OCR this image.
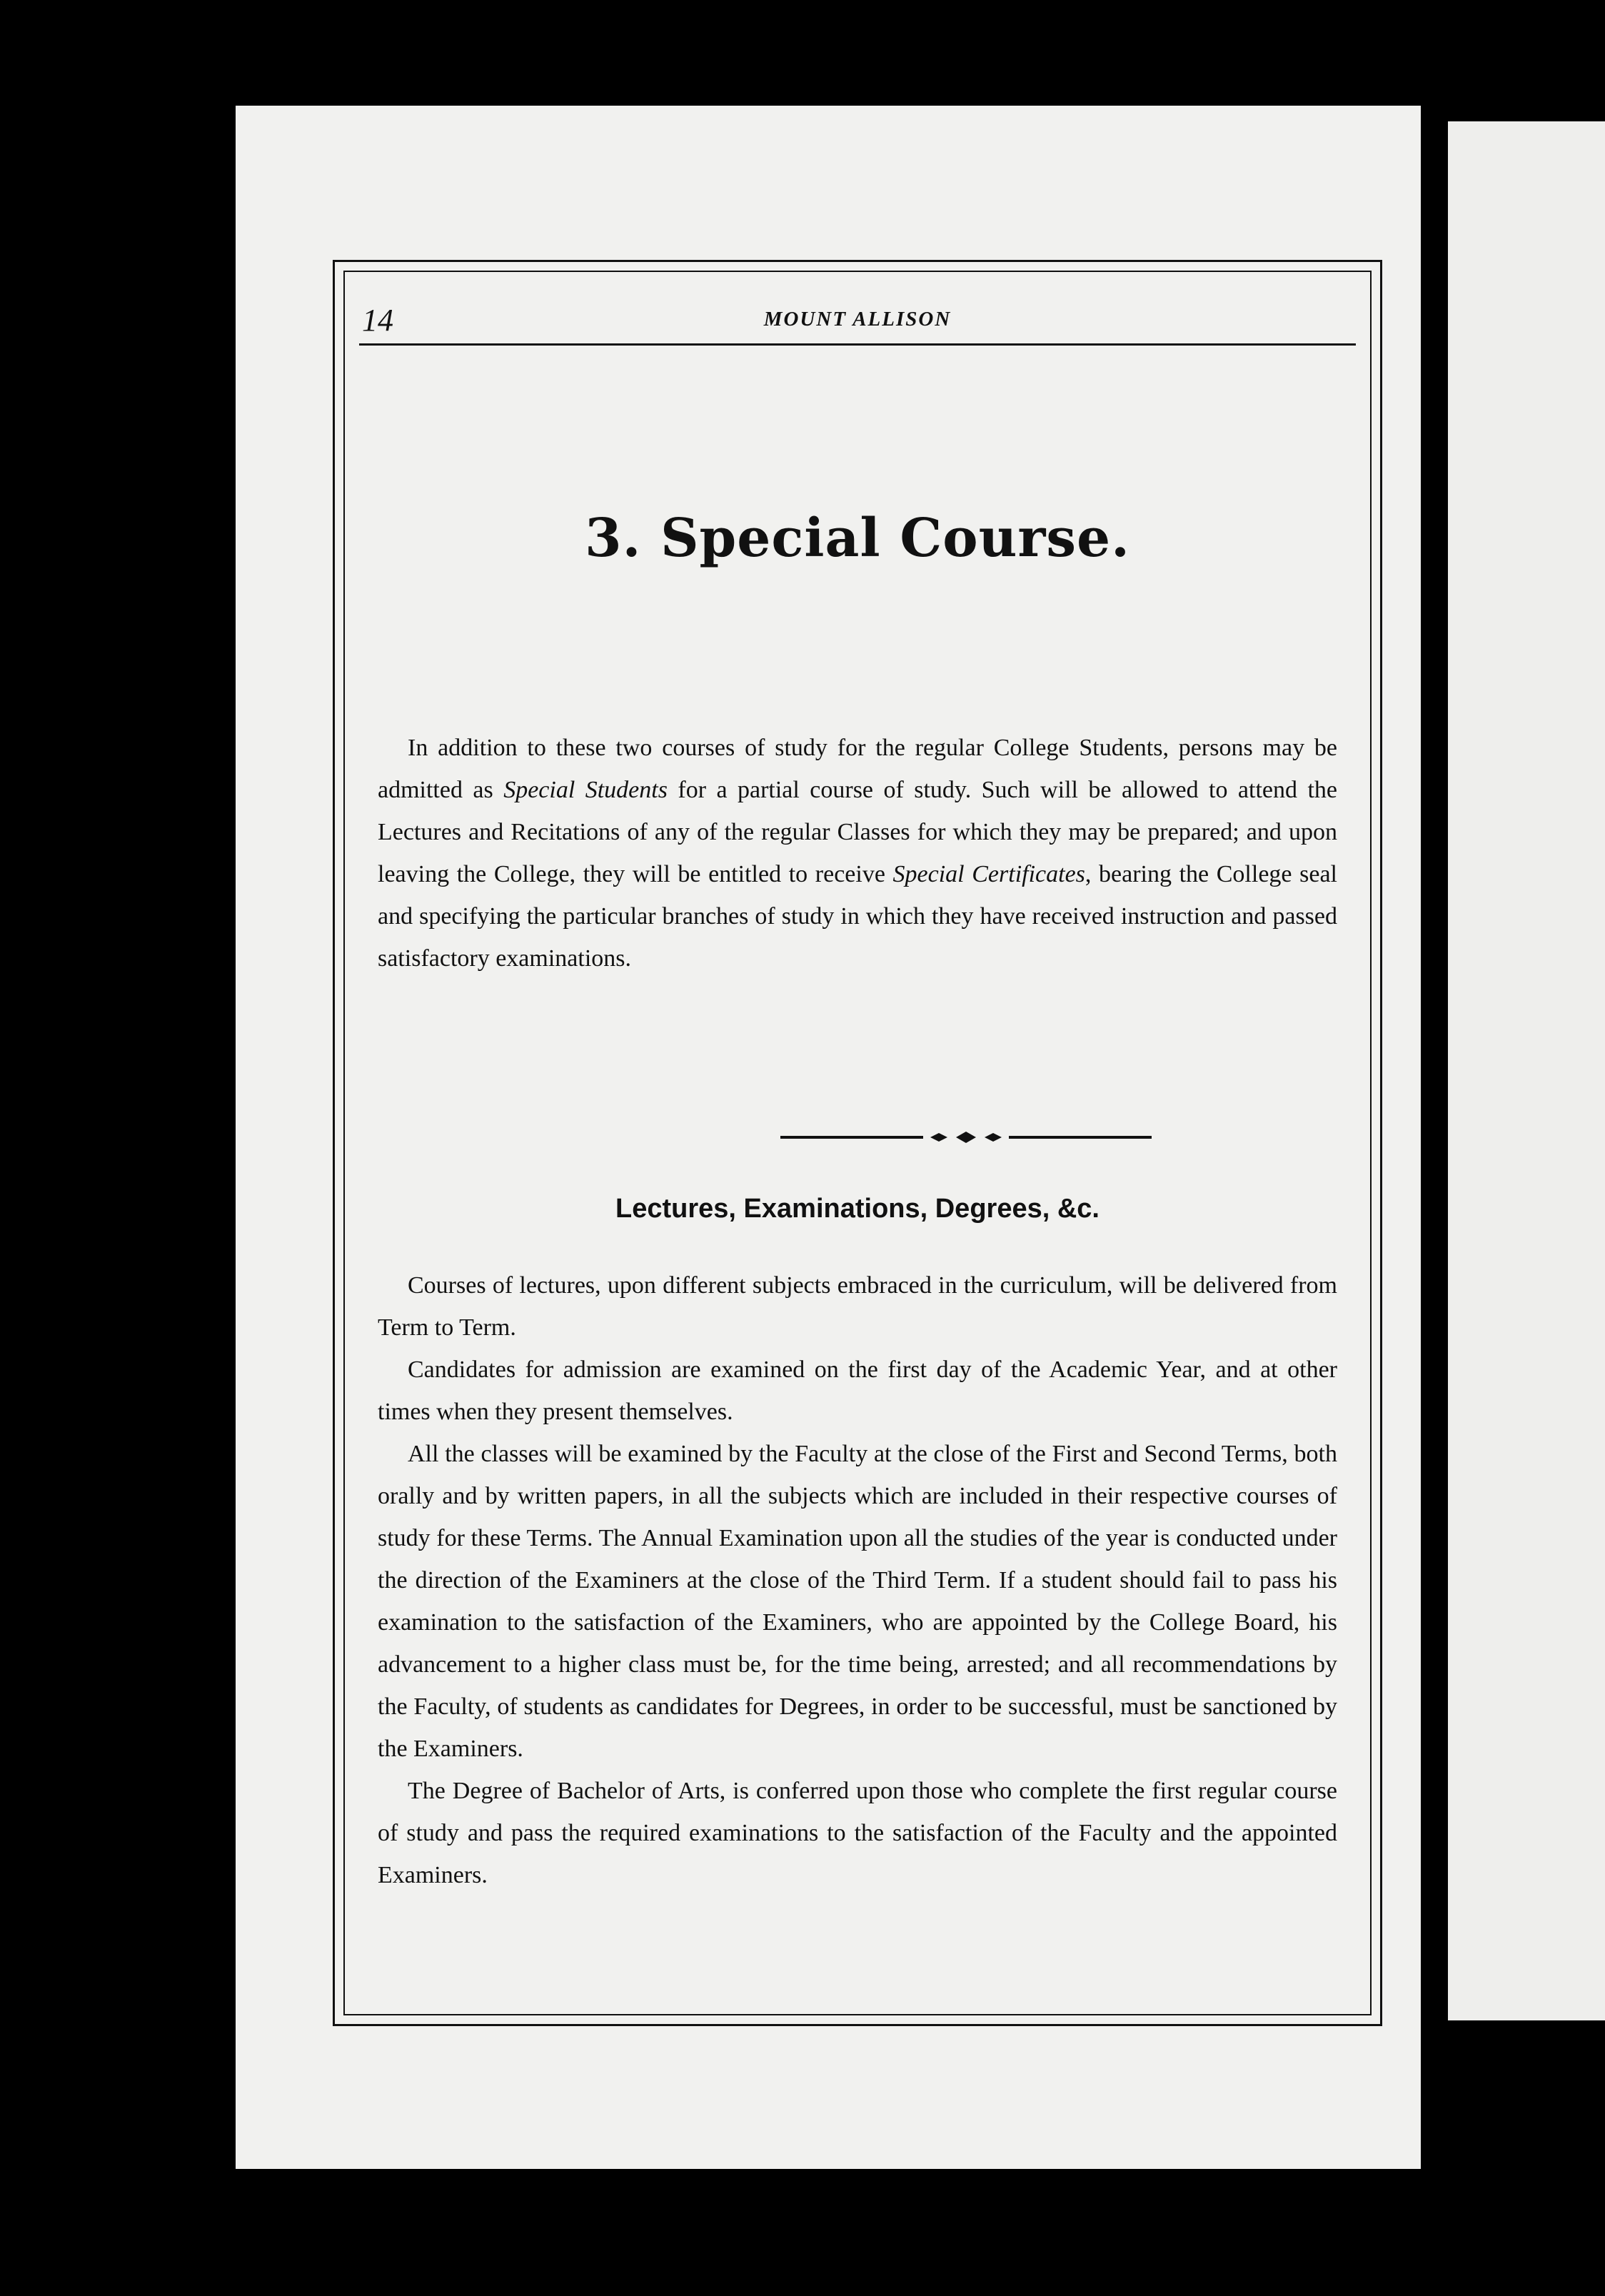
14	MOUNT ALLISON
3. Special Course.

In addition to these two courses of study for the regular College Students, persons may be admitted as Special Students for a partial course of study. Such will be allowed to attend the Lectures and Recitations of any of the regular Classes for which they may be prepared; and upon leaving the College, they will be entitled to receive Special Certificates, bearing the College seal and specifying the particular branches of study in which they have received instruction and passed satisfactory examinations.

Lectures, Examinations, Degrees, &c.

Courses of lectures, upon different subjects embraced in the curriculum, will be delivered from Term to Term.

Candidates for admission are examined on the first day of the Academic Year, and at other times when they present themselves.

All the classes will be examined by the Faculty at the close of the First and Second Terms, both orally and by written papers, in all the subjects which are included in their respective courses of study for these Terms. The Annual Examination upon all the studies of the year is conducted under the direction of the Examiners at the close of the Third Term. If a student should fail to pass his examination to the satisfaction of the Examiners, who are appointed by the College Board, his advancement to a higher class must be, for the time being, arrested; and all recommendations by the Faculty, of students as candidates for Degrees, in order to be successful, must be sanctioned by the Examiners.

The Degree of Bachelor of Arts, is conferred upon those who complete the first regular course of study and pass the required examinations to the satisfaction of the Faculty and the appointed Examiners.
